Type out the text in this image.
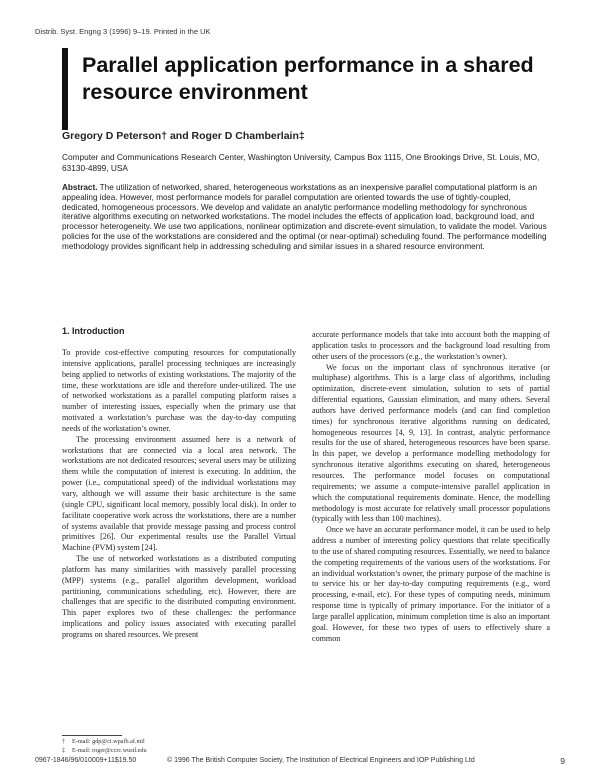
Distrib. Syst. Engng 3 (1996) 9–19. Printed in the UK
Parallel application performance in a shared resource environment
Gregory D Peterson† and Roger D Chamberlain‡
Computer and Communications Research Center, Washington University, Campus Box 1115, One Brookings Drive, St. Louis, MO, 63130-4899, USA
Abstract. The utilization of networked, shared, heterogeneous workstations as an inexpensive parallel computational platform is an appealing idea. However, most performance models for parallel computation are oriented towards the use of tightly-coupled, dedicated, homogeneous processors. We develop and validate an analytic performance modelling methodology for synchronous iterative algorithms executing on networked workstations. The model includes the effects of application load, background load, and processor heterogeneity. We use two applications, nonlinear optimization and discrete-event simulation, to validate the model. Various policies for the use of the workstations are considered and the optimal (or near-optimal) scheduling found. The performance modelling methodology provides significant help in addressing scheduling and similar issues in a shared resource environment.
1. Introduction

To provide cost-effective computing resources for computationally intensive applications, parallel processing techniques are increasingly being applied to networks of existing workstations. The majority of the time, these workstations are idle and therefore under-utilized. The use of networked workstations as a parallel computing platform raises a number of interesting issues, especially when the primary use that motivated a workstation’s purchase was the day-to-day computing needs of the workstation’s owner.

The processing environment assumed here is a network of workstations that are connected via a local area network. The workstations are not dedicated resources; several users may be utilizing them while the computation of interest is executing. In addition, the power (i.e., computational speed) of the individual workstations may vary, although we will assume their basic architecture is the same (single CPU, significant local memory, possibly local disk). In order to facilitate cooperative work across the workstations, there are a number of systems available that provide message passing and process control primitives [26]. Our experimental results use the Parallel Virtual Machine (PVM) system [24].

The use of networked workstations as a distributed computing platform has many similarities with massively parallel processing (MPP) systems (e.g., parallel algorithm development, workload partitioning, communications scheduling, etc). However, there are challenges that are specific to the distributed computing environment. This paper explores two of these challenges: the performance implications and policy issues associated with executing parallel programs on shared resources. We present

accurate performance models that take into account both the mapping of application tasks to processors and the background load resulting from other users of the processors (e.g., the workstation’s owner).

We focus on the important class of synchronous iterative (or multiphase) algorithms. This is a large class of algorithms, including optimization, discrete-event simulation, solution to sets of partial differential equations, Gaussian elimination, and many others. Several authors have derived performance models (and can find completion times) for synchronous iterative algorithms running on dedicated, homogeneous resources [4, 9, 13]. In contrast, analytic performance results for the use of shared, heterogeneous resources have been sparse. In this paper, we develop a performance modelling methodology for synchronous iterative algorithms executing on shared, heterogeneous resources. The performance model focuses on computational requirements; we assume a compute-intensive parallel application in which the computational requirements dominate. Hence, the modelling methodology is most accurate for relatively small processor populations (typically with less than 100 machines).

Once we have an accurate performance model, it can be used to help address a number of interesting policy questions that relate specifically to the use of shared computing resources. Essentially, we need to balance the competing requirements of the various users of the workstations. For an individual workstation’s owner, the primary purpose of the machine is to service his or her day-to-day computing requirements (e.g., word processing, e-mail, etc). For these types of computing needs, minimum response time is typically of primary importance. For the initiator of a large parallel application, minimum completion time is also an important goal. However, for these two types of users to effectively share a common

† E-mail: gdp@ci.wpafb.af.mil
‡ E-mail: roger@ccrc.wustl.edu
0967-1846/96/010009+11$19.50	© 1996 The British Computer Society, The Institution of Electrical Engineers and IOP Publishing Ltd	9
